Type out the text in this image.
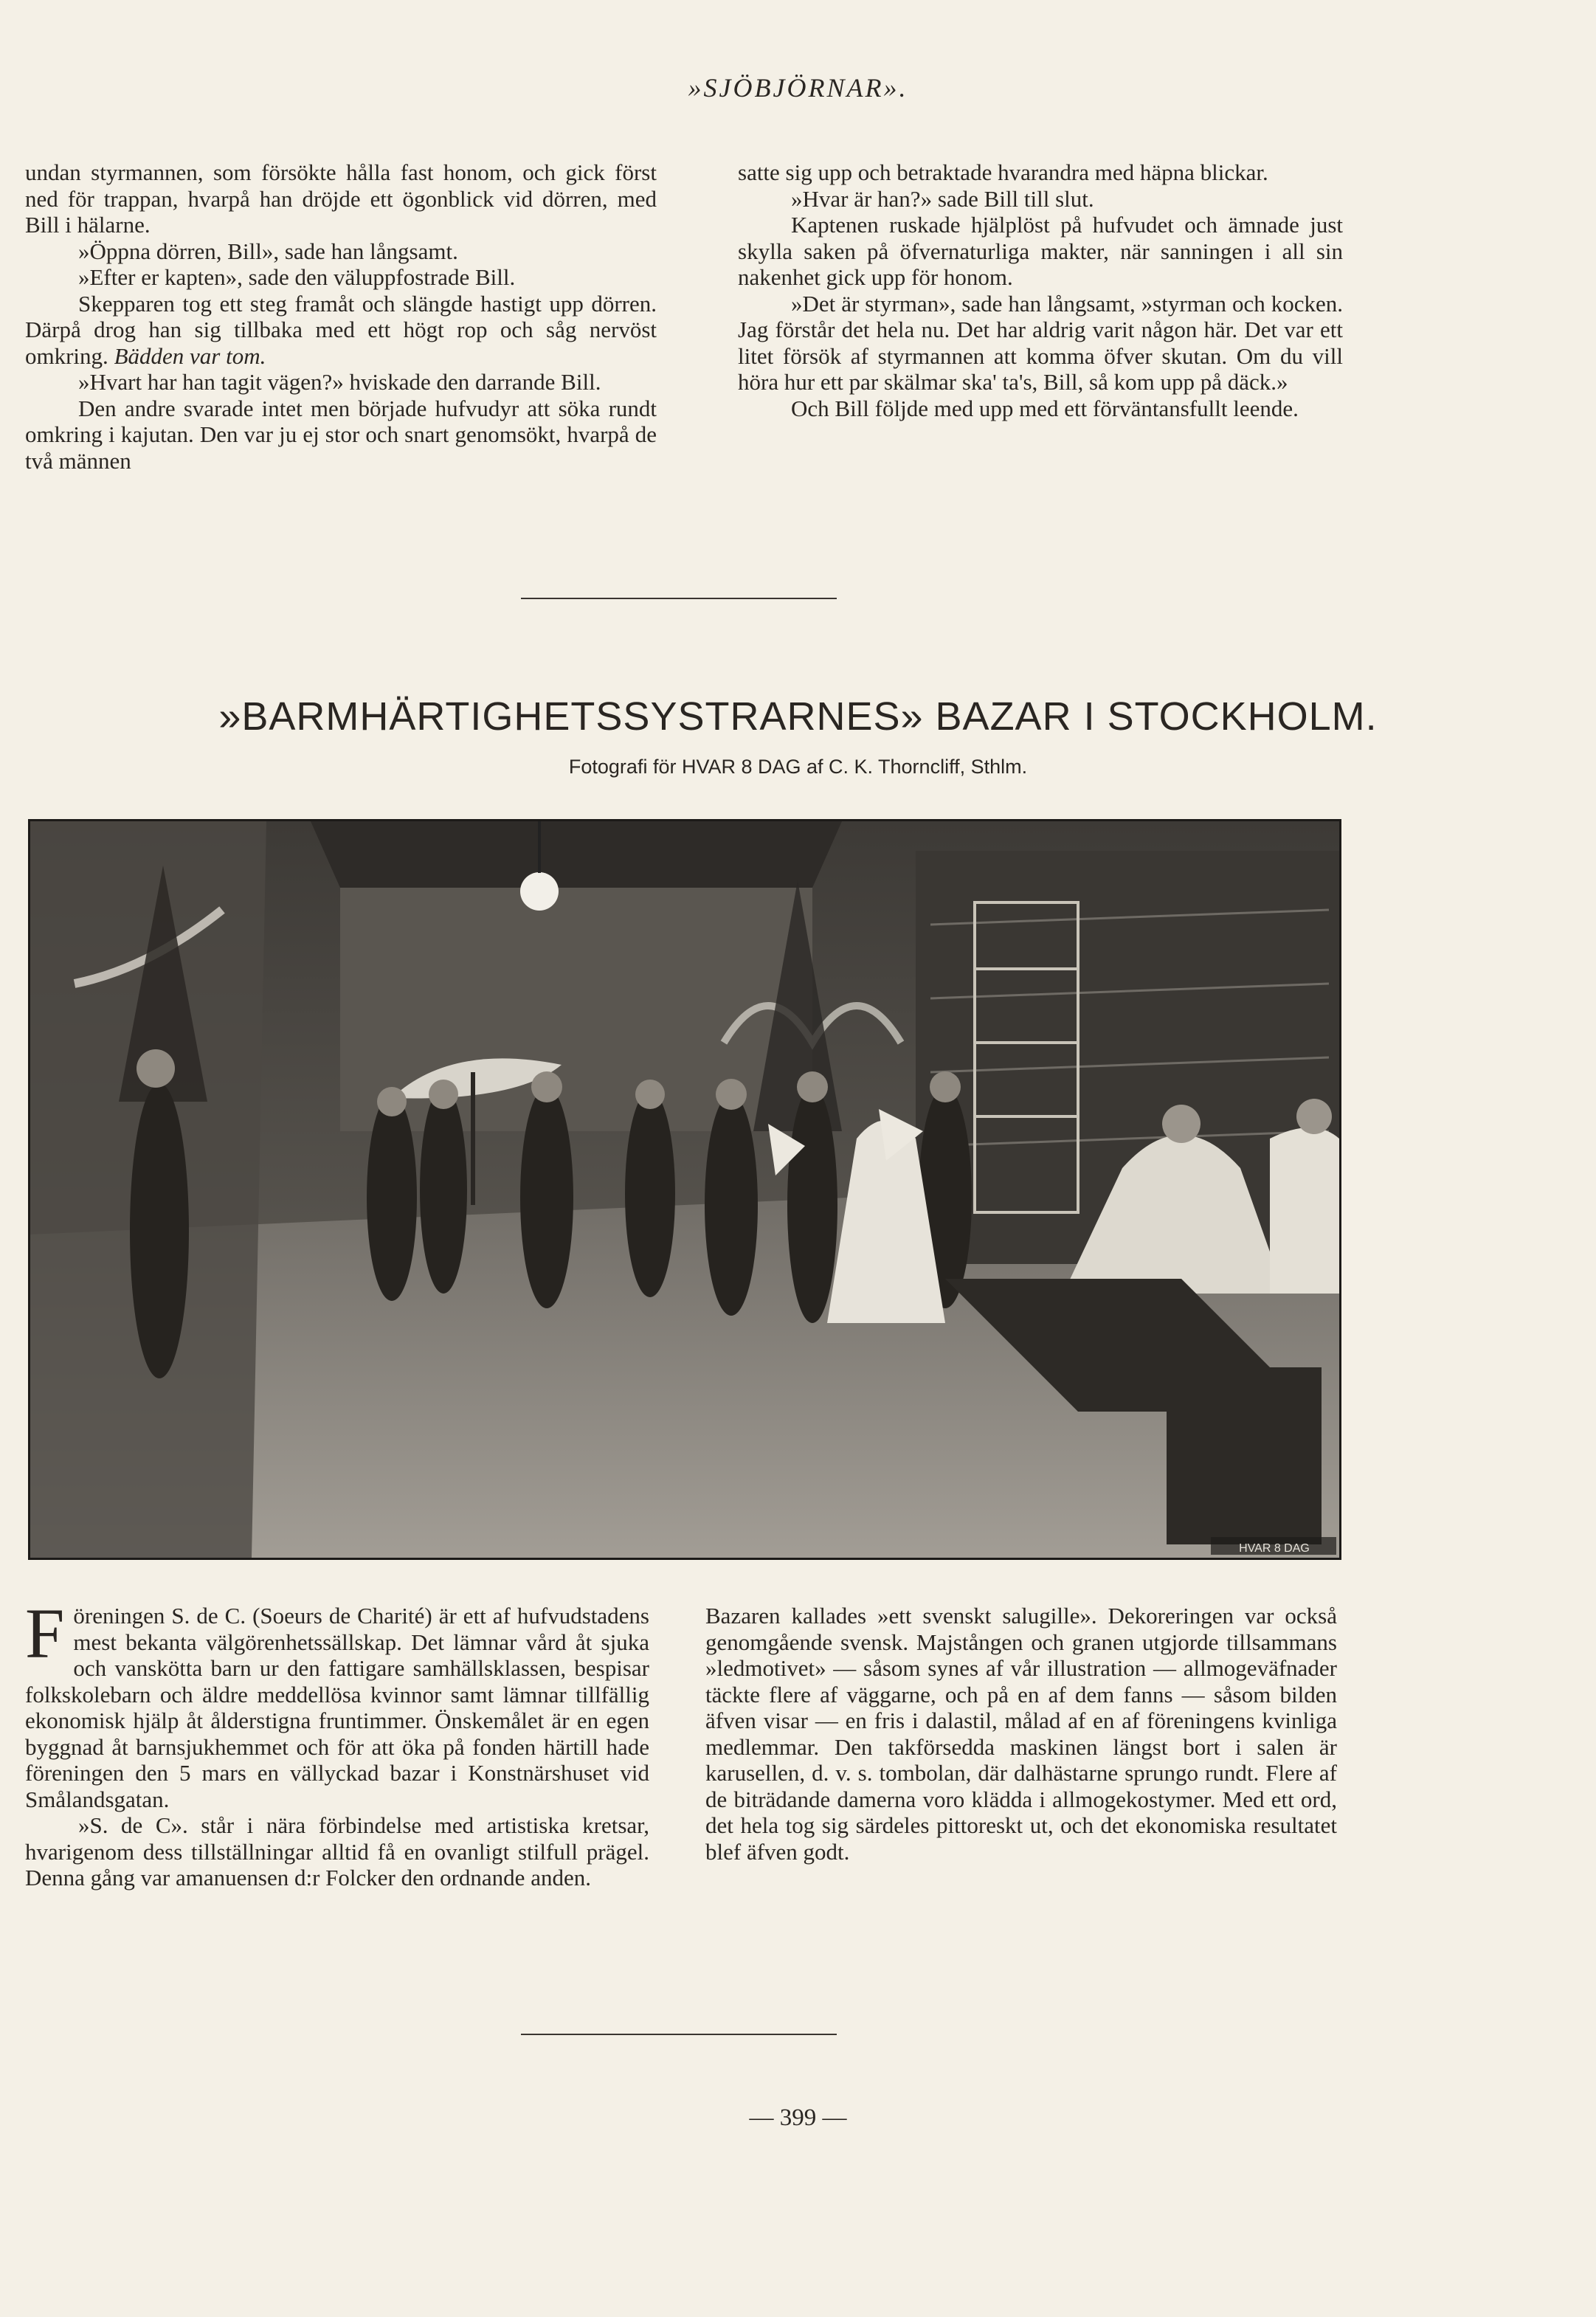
»SJÖBJÖRNAR».

undan styrmannen, som försökte hålla fast honom, och gick först ned för trappan, hvarpå han dröjde ett ögonblick vid dörren, med Bill i hälarne.

»Öppna dörren, Bill», sade han långsamt.

»Efter er kapten», sade den väluppfostrade Bill.

Skepparen tog ett steg framåt och slängde hastigt upp dörren. Därpå drog han sig tillbaka med ett högt rop och såg nervöst omkring. Bädden var tom.

»Hvart har han tagit vägen?» hviskade den darrande Bill.

Den andre svarade intet men började hufvudyr att söka rundt omkring i kajutan. Den var ju ej stor och snart genomsökt, hvarpå de två männen

satte sig upp och betraktade hvarandra med häpna blickar.

»Hvar är han?» sade Bill till slut.

Kaptenen ruskade hjälplöst på hufvudet och ämnade just skylla saken på öfvernaturliga makter, när sanningen i all sin nakenhet gick upp för honom.

»Det är styrman», sade han långsamt, »styrman och kocken. Jag förstår det hela nu. Det har aldrig varit någon här. Det var ett litet försök af styrmannen att komma öfver skutan. Om du vill höra hur ett par skälmar ska' ta's, Bill, så kom upp på däck.»

Och Bill följde med upp med ett förväntansfullt leende.

»BARMHÄRTIGHETSSYSTRARNES» BAZAR I STOCKHOLM.
Fotografi för HVAR 8 DAG af C. K. Thorncliff, Sthlm.
HVAR 8 DAG

Föreningen S. de C. (Soeurs de Charité) är ett af hufvudstadens mest bekanta välgörenhetssällskap. Det lämnar vård åt sjuka och vansköttа barn ur den fattigare samhällsklassen, bespisar folkskolebarn och äldre meddellösa kvinnor samt lämnar tillfällig ekonomisk hjälp åt ålderstigna fruntimmer. Önskemålet är en egen byggnad åt barnsjukhemmet och för att öka på fonden härtill hade föreningen den 5 mars en vällyckad bazar i Konstnärshuset vid Smålandsgatan.

»S. de C». står i nära förbindelse med artistiska kretsar, hvarigenom dess tillställningar alltid få en ovanligt stilfull prägel. Denna gång var amanuensen d:r Folcker den ordnande anden.

Bazaren kallades »ett svenskt salugille». Dekoreringen var också genomgående svensk. Majstången och granen utgjorde tillsammans »ledmotivet» — såsom synes af vår illustration — allmogeväfnader täckte flere af väggarne, och på en af dem fanns — såsom bilden äfven visar — en fris i dalastil, målad af en af föreningens kvinliga medlemmar. Den takförsedda maskinen längst bort i salen är karusellen, d. v. s. tombolan, där dalhästarne sprungo rundt. Flere af de biträdande damerna voro klädda i allmogekostymer. Med ett ord, det hela tog sig särdeles pittoreskt ut, och det ekonomiska resultatet blef äfven godt.

— 399 —
